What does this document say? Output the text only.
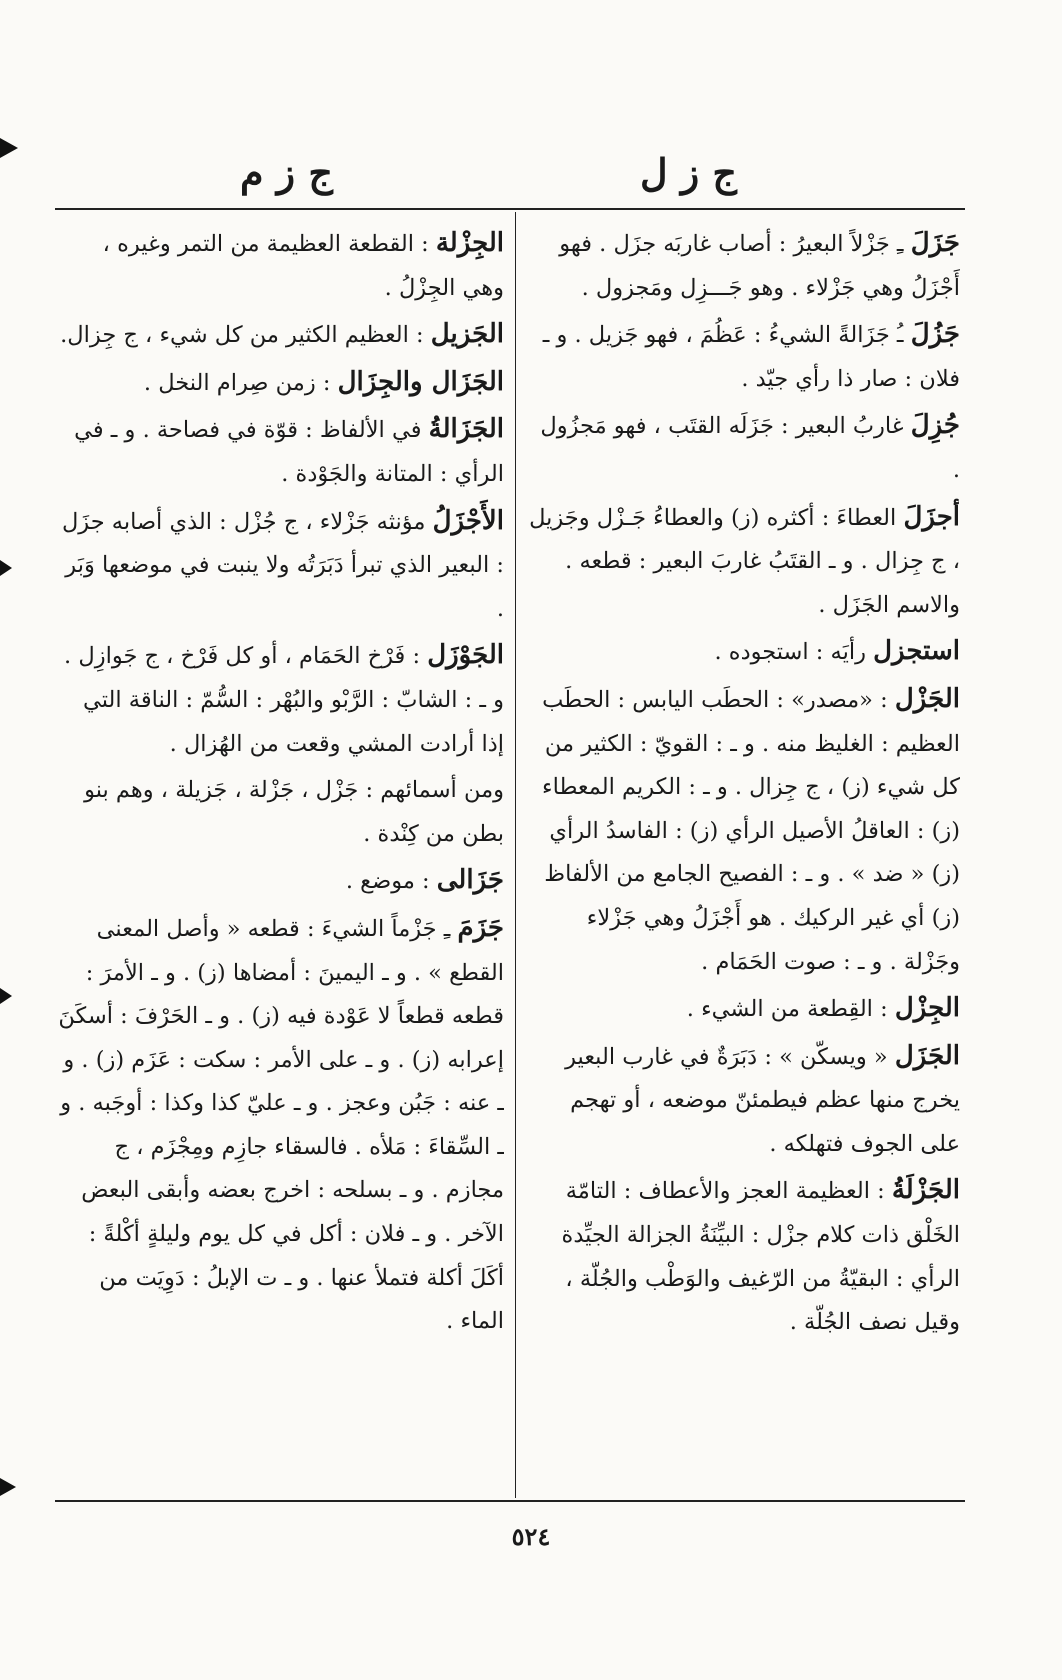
ج ز ل
ج ز م
جَزَلَ ـِ جَزْلاً البعيرُ : أصاب غاربَه جزَل . فهو أَجْزَلُ وهي جَزْلاء . وهو جَـــزِل ومَجزول .
جَزُلَ ـُ جَزَالةً الشيءُ : عَظُمَ ، فهو جَزيل . و ـ فلان : صار ذا رأي جيّد .
جُزِلَ غاربُ البعير : جَزَلَه القتَب ، فهو مَجزُول .
أجزَلَ العطاءَ : أكثره (ز) والعطاءُ جَـزْل وجَزيل ، ج جِزال . و ـ القتَبُ غاربَ البعير : قطعه . والاسم الجَزَل .
استجزل رأيَه : استجوده .
الجَزْل : «مصدر» : الحطَب اليابس : الحطَب العظيم : الغليظ منه . و ـ : القويّ : الكثير من كل شيء (ز) ، ج جِزال . و ـ : الكريم المعطاء (ز) : العاقلُ الأصيل الرأي (ز) : الفاسدُ الرأي (ز) « ضد » . و ـ : الفصيح الجامع من الألفاظ (ز) أي غير الركيك . هو أَجْزَلُ وهي جَزْلاء وجَزْلة . و ـ : صوت الحَمَام .
الجِزْل : القِطعة من الشيء .
الجَزَل « ويسكّن » : دَبَرَةٌ في غارب البعير يخرج منها عظم فيطمئنّ موضعه ، أو تهجم على الجوف فتهلكه .
الجَزْلَةُ : العظيمة العجز والأعطاف : التامّة الخَلْق ذات كلام جزْل : البيِّنَةُ الجزالة الجيِّدة الرأي : البقيّةُ من الرّغيف والوَطْب والجُلّة ، وقيل نصف الجُلّة .
الجِزْلة : القطعة العظيمة من التمر وغيره ، وهي الجِزْلُ .
الجَزيل : العظيم الكثير من كل شيء ، ج جِزال.
الجَزَال والجِزَال : زمن صِرام النخل .
الجَزَالةُ في الألفاظ : قوّة في فصاحة . و ـ في الرأي : المتانة والجَوْدة .
الأَجْزَلُ مؤنثه جَزْلاء ، ج جُزْل : الذي أصابه جزَل : البعير الذي تبرأ دَبَرَتُه ولا ينبت في موضعها وَبَر .
الجَوْزَل : فَرْخ الحَمَام ، أو كل فَرْخ ، ج جَوازِل . و ـ : الشابّ : الرَّبْو والبُهْر : السُّمّ : الناقة التي إذا أرادت المشي وقعت من الهُزال .
ومن أسمائهم : جَزْل ، جَزْلة ، جَزيلة ، وهم بنو بطن من كِنْدة .
جَزَالى : موضع .
جَزَمَ ـِ جَزْماً الشيءَ : قطعه « وأصل المعنى القطع » . و ـ اليمينَ : أمضاها (ز) . و ـ الأمرَ : قطعه قطعاً لا عَوْدة فيه (ز) . و ـ الحَرْفَ : أسكَنَ إعرابه (ز) . و ـ على الأمر : سكت : عَزَم (ز) . و ـ عنه : جَبُن وعجز . و ـ عليّ كذا وكذا : أوجَبه . و ـ السِّقاءَ : مَلأه . فالسقاء جازِم ومِجْزَم ، ج مجازم . و ـ بسلحه : اخرج بعضه وأبقى البعض الآخر . و ـ فلان : أكل في كل يوم وليلةٍ أكْلةً : أكَلَ أكلة فتملأ عنها . و ـ ت الإبلُ : دَوِيَت من الماء .
٥٢٤
